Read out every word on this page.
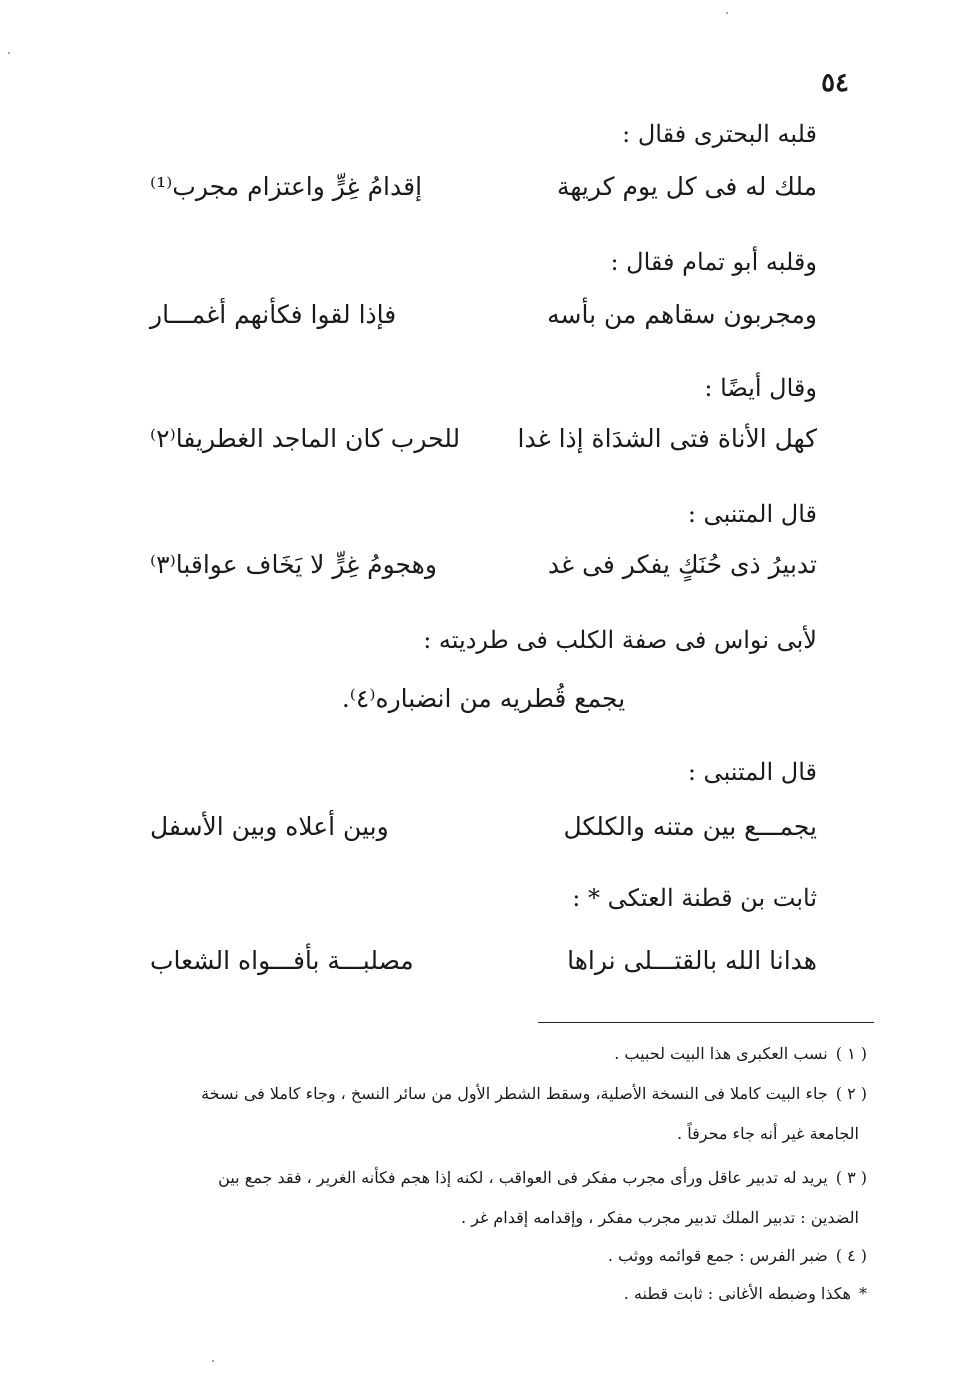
٥٤
قلبه البحترى فقال :
ملك له فى كل يوم كريهة
إقدامُ غِرٍّ واعتزام مجرب⁽¹⁾
وقلبه أبو تمام فقال :
ومجربون سقاهم من بأسه
فإذا لقوا فكأنهم أغمـــار
وقال أيضًا :
كهل الأناة فتى الشدَاة إذا غدا
للحرب كان الماجد الغطريفا⁽٢⁾
قال المتنبى :
تدبيرُ ذى حُنَكٍ يفكر فى غد
وهجومُ غِرٍّ لا يَخَاف عواقبا⁽٣⁾
لأبى نواس فى صفة الكلب فى طرديته :
يجمع قُطريه من انضباره⁽٤⁾.
قال المتنبى :
يجمـــع بين متنه والكلكل
وبين أعلاه وبين الأسفل
ثابت بن قطنة العتكى * :
هدانا الله بالقتـــلى نراها
مصلبـــة بأفـــواه الشعاب
( ١ )نسب العكبرى هذا البيت لحبيب .
( ٢ )جاء البيت كاملا فى النسخة الأصلية، وسقط الشطر الأول من سائر النسخ ، وجاء كاملا فى نسخة
الجامعة غير أنه جاء محرفاً .
( ٣ )يريد له تدبير عاقل ورأى مجرب مفكر فى العواقب ، لكنه إذا هجم فكأنه الغرير ، فقد جمع بين
الضدين : تدبير الملك تدبير مجرب مفكر ، وإقدامه إقدام غر .
( ٤ )ضبر الفرس : جمع قوائمه ووثب .
*هكذا وضبطه الأغانى : ثابت قطنه .
